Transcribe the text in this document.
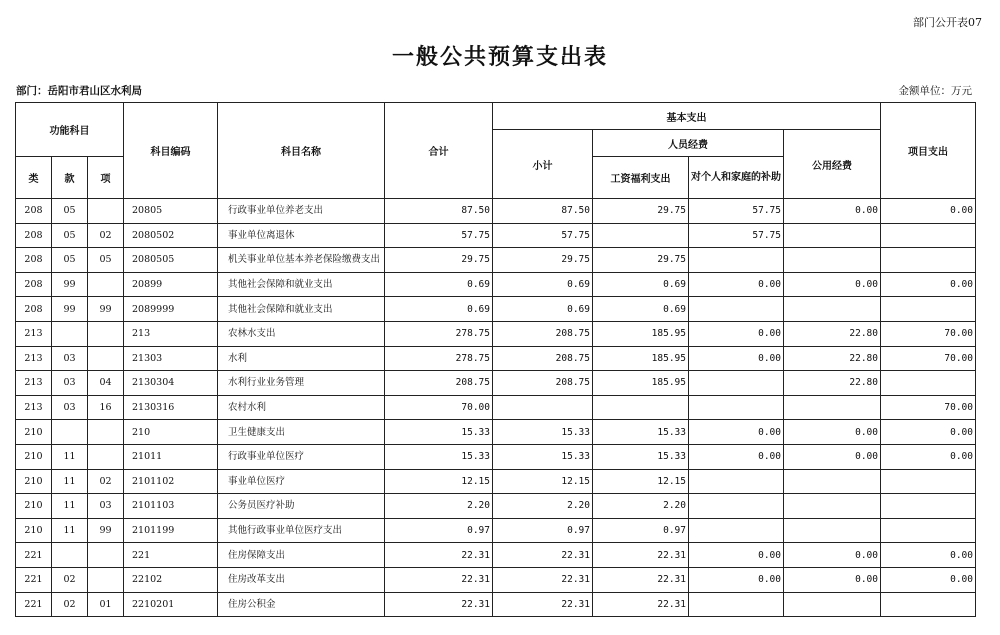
部门公开表07
一般公共预算支出表
部门：岳阳市君山区水利局	金额单位：万元
功能科目			科目编码	科目名称	合计	基本支出				项目支出
						小计	人员经费		公用经费	
类	款	项					工资福利支出	对个人和家庭的补助		
208	05		20805	行政事业单位养老支出	87.50	87.50	29.75	57.75	0.00	0.00
208	05	02	2080502	事业单位离退休	57.75	57.75		57.75		
208	05	05	2080505	机关事业单位基本养老保险缴费支出	29.75	29.75	29.75			
208	99		20899	其他社会保障和就业支出	0.69	0.69	0.69	0.00	0.00	0.00
208	99	99	2089999	其他社会保障和就业支出	0.69	0.69	0.69			
213			213	农林水支出	278.75	208.75	185.95	0.00	22.80	70.00
213	03		21303	水利	278.75	208.75	185.95	0.00	22.80	70.00
213	03	04	2130304	水利行业业务管理	208.75	208.75	185.95		22.80	
213	03	16	2130316	农村水利	70.00					70.00
210			210	卫生健康支出	15.33	15.33	15.33	0.00	0.00	0.00
210	11		21011	行政事业单位医疗	15.33	15.33	15.33	0.00	0.00	0.00
210	11	02	2101102	事业单位医疗	12.15	12.15	12.15			
210	11	03	2101103	公务员医疗补助	2.20	2.20	2.20			
210	11	99	2101199	其他行政事业单位医疗支出	0.97	0.97	0.97			
221			221	住房保障支出	22.31	22.31	22.31	0.00	0.00	0.00
221	02		22102	住房改革支出	22.31	22.31	22.31	0.00	0.00	0.00
221	02	01	2210201	住房公积金	22.31	22.31	22.31			
